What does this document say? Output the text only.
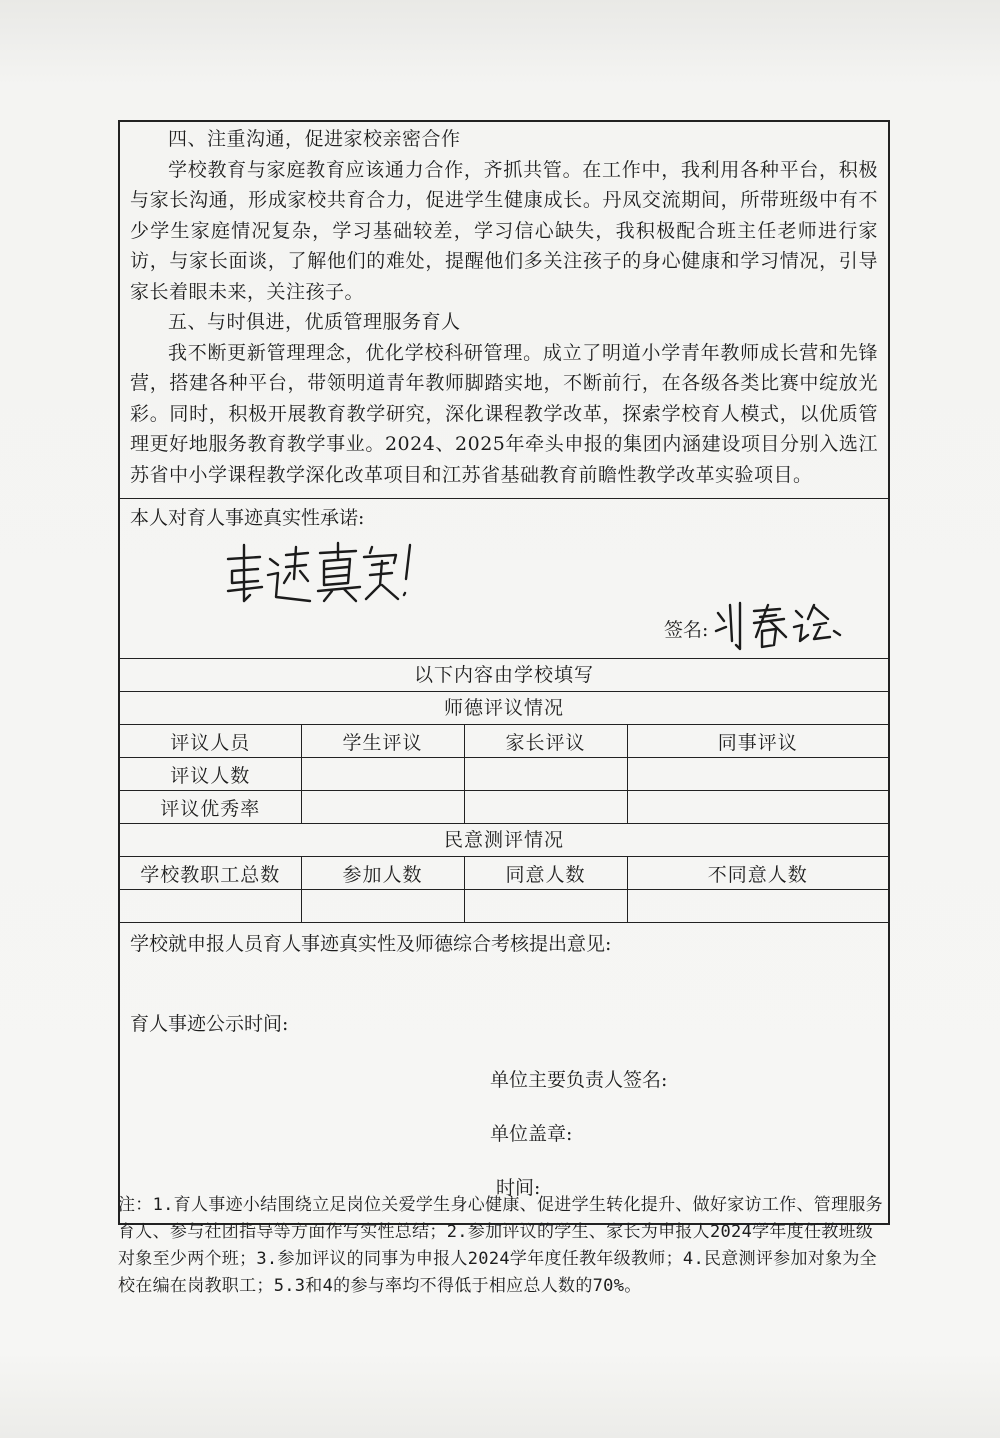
四、注重沟通，促进家校亲密合作

学校教育与家庭教育应该通力合作，齐抓共管。在工作中，我利用各种平台，积极与家长沟通，形成家校共育合力，促进学生健康成长。丹凤交流期间，所带班级中有不少学生家庭情况复杂，学习基础较差，学习信心缺失，我积极配合班主任老师进行家访，与家长面谈，了解他们的难处，提醒他们多关注孩子的身心健康和学习情况，引导家长着眼未来，关注孩子。

五、与时俱进，优质管理服务育人

我不断更新管理理念，优化学校科研管理。成立了明道小学青年教师成长营和先锋营，搭建各种平台，带领明道青年教师脚踏实地，不断前行，在各级各类比赛中绽放光彩。同时，积极开展教育教学研究，深化课程教学改革，探索学校育人模式，以优质管理更好地服务教育教学事业。2024、2025年牵头申报的集团内涵建设项目分别入选江苏省中小学课程教学深化改革项目和江苏省基础教育前瞻性教学改革实验项目。

本人对育人事迹真实性承诺:
签名:
以下内容由学校填写
师德评议情况
评议人员	学生评议	家长评议	同事评议
评议人数			
评议优秀率			
民意测评情况
学校教职工总数	参加人数	同意人数	不同意人数

学校就申报人员育人事迹真实性及师德综合考核提出意见:
育人事迹公示时间:
单位主要负责人签名:
单位盖章:
时间:
注：1.育人事迹小结围绕立足岗位关爱学生身心健康、促进学生转化提升、做好家访工作、管理服务育人、参与社团指导等方面作写实性总结；2.参加评议的学生、家长为申报人2024学年度任教班级对象至少两个班；3.参加评议的同事为申报人2024学年度任教年级教师；4.民意测评参加对象为全校在编在岗教职工；5.3和4的参与率均不得低于相应总人数的70%。
